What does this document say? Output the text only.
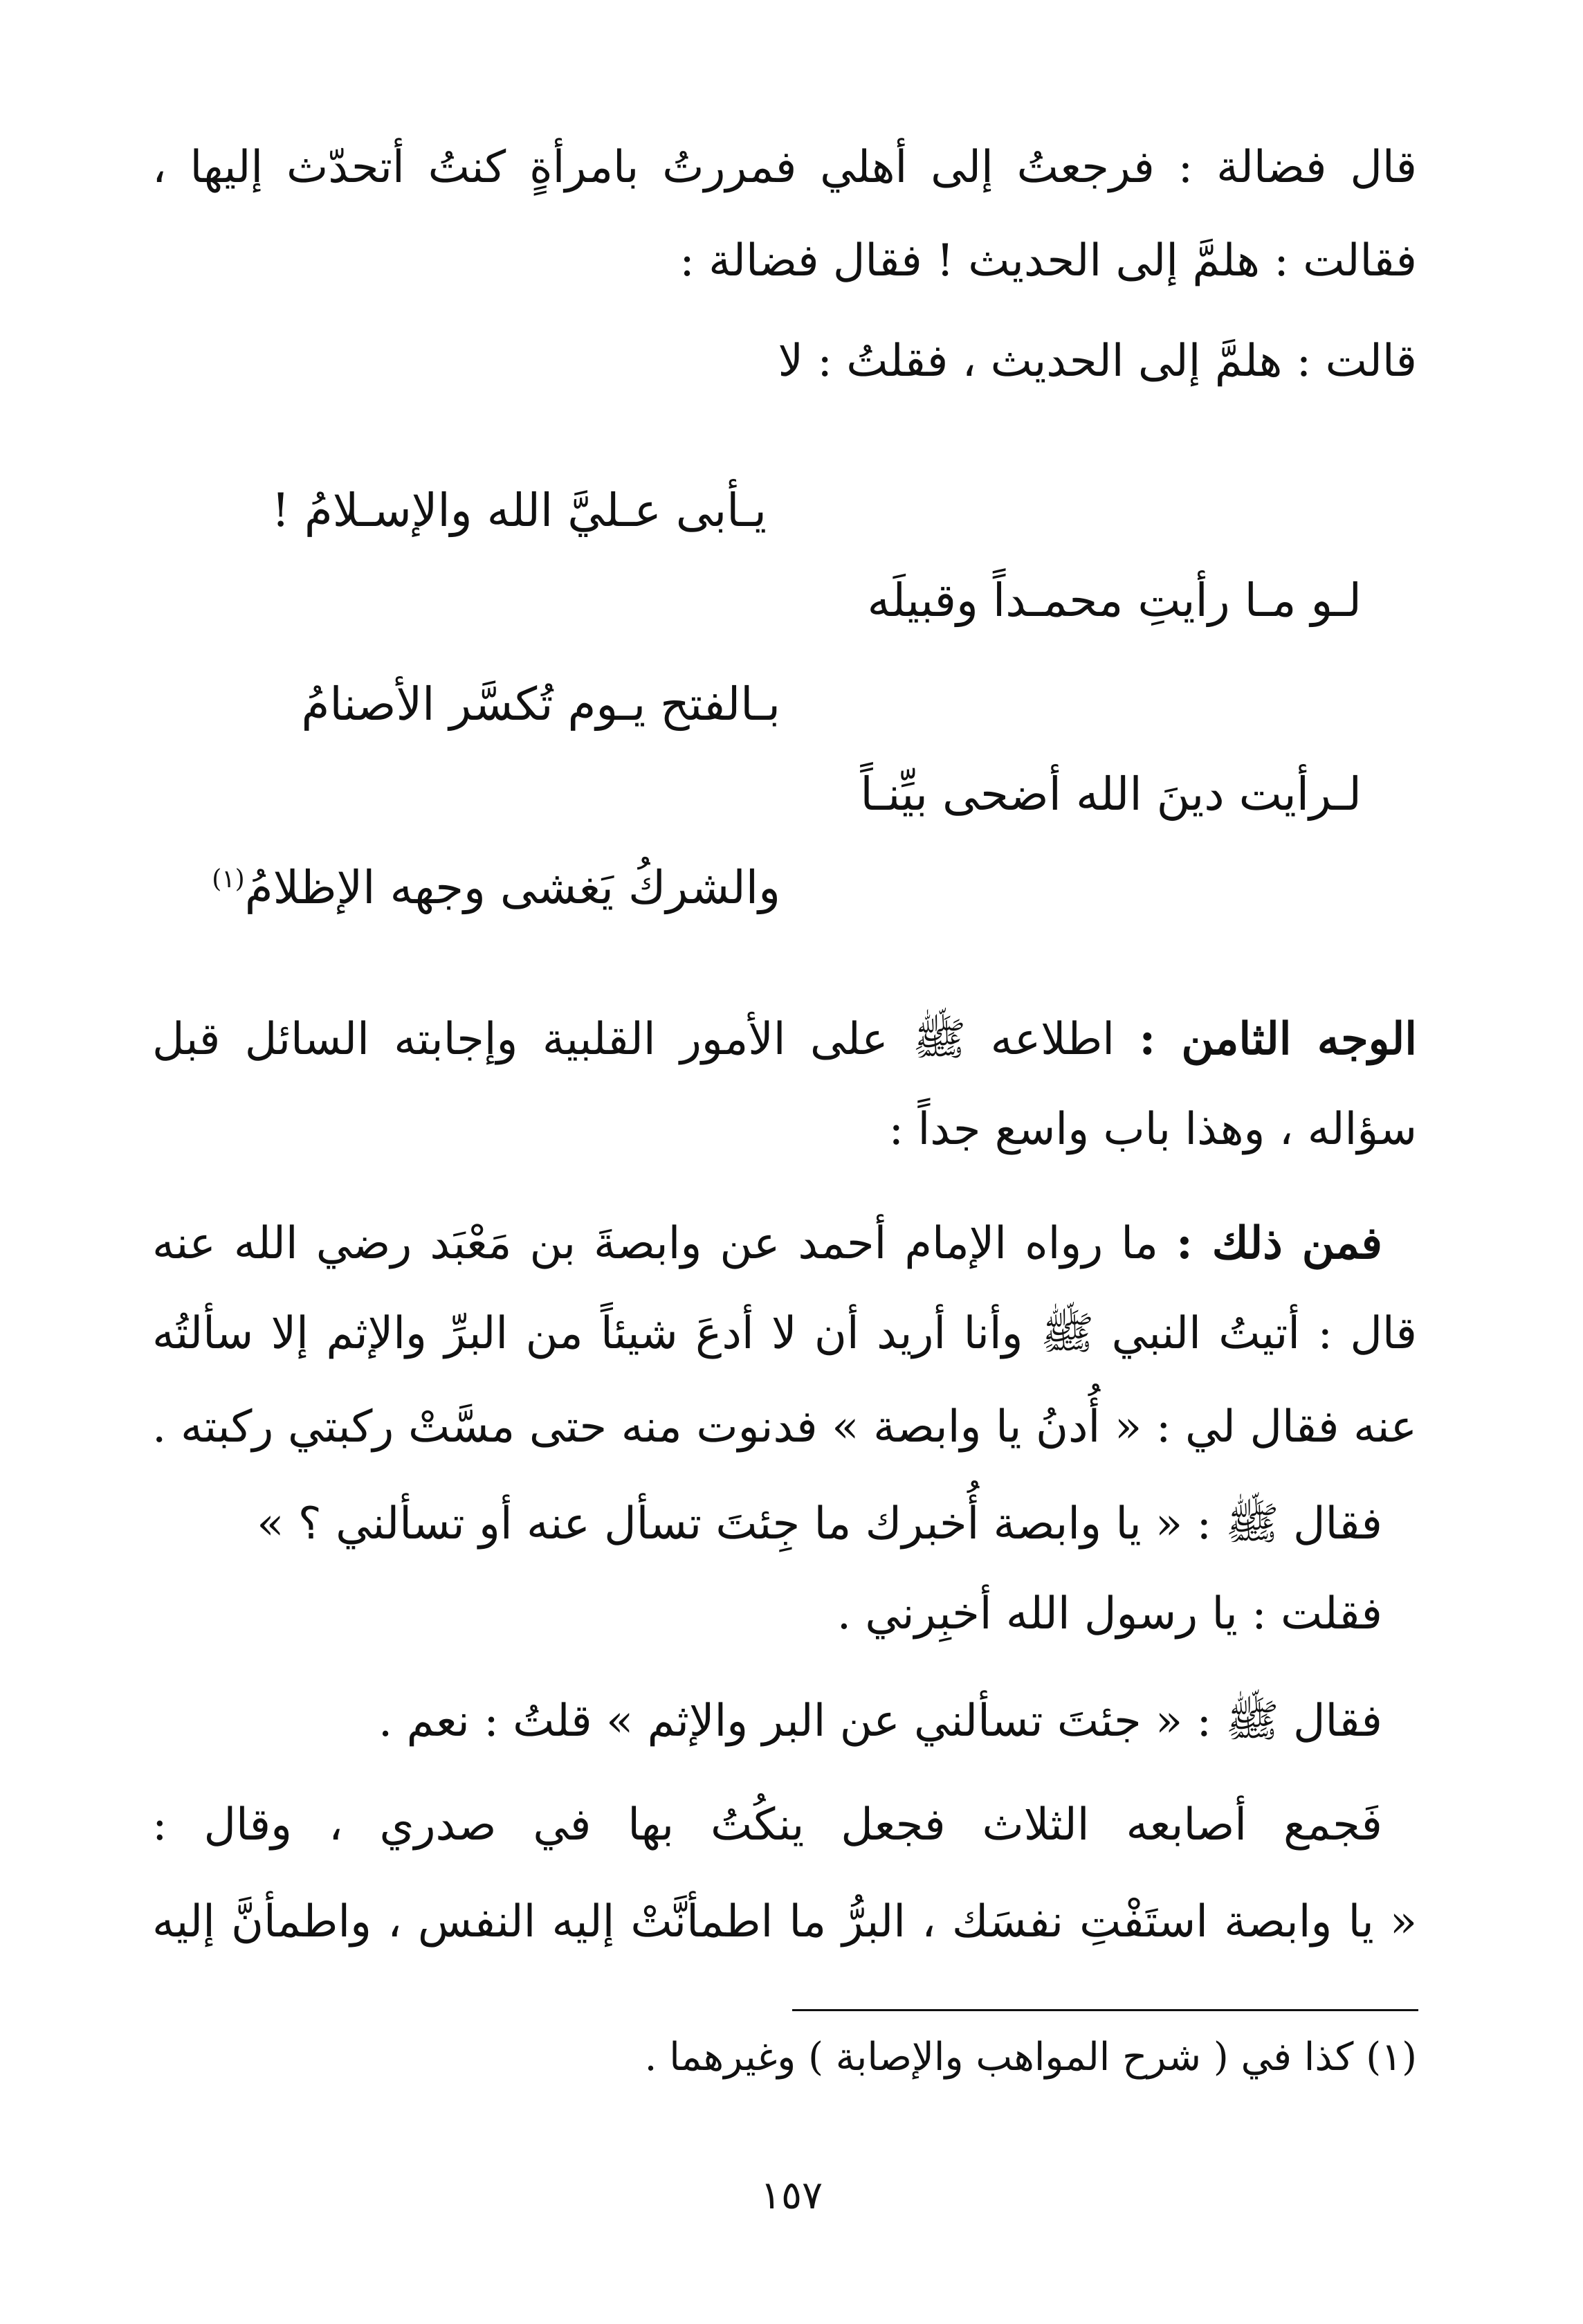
قال فضالة : فرجعتُ إلى أهلي فمررتُ بامرأةٍ كنتُ أتحدّث إليها ،
فقالت : هلمَّ إلى الحديث ! فقال فضالة :
قالت : هلمَّ إلى الحديث ، فقلتُ : لا
يـأبى عـليَّ الله والإسـلامُ !
لـو مـا رأيتِ محمـداً وقبيلَه
بـالفتح يـوم تُكسَّر الأصنامُ
لـرأيت دينَ الله أضحى بيِّنـاً
والشركُ يَغشى وجهه الإظلامُ$^{(١)}$
الوجه الثامن : اطلاعه ﷺ على الأمور القلبية وإجابته السائل قبل
سؤاله ، وهذا باب واسع جداً :
فمن ذلك : ما رواه الإمام أحمد عن وابصةَ بن مَعْبَد رضي الله عنه
قال : أتيتُ النبي ﷺ وأنا أريد أن لا أدعَ شيئاً من البرِّ والإثم إلا سألتُه
عنه فقال لي : « أُدنُ يا وابصة » فدنوت منه حتى مسَّتْ ركبتي ركبته .
فقال ﷺ : « يا وابصة أُخبرك ما جِئتَ تسأل عنه أو تسألني ؟ »
فقلت : يا رسول الله أخبِرني .
فقال ﷺ : « جئتَ تسألني عن البر والإثم » قلتُ : نعم .
فَجمع أصابعه الثلاث فجعل ينكُتُ بها في صدري ، وقال :
« يا وابصة استَفْتِ نفسَك ، البرُّ ما اطمأنَّتْ إليه النفس ، واطمأنَّ إليه
(١) كذا في ( شرح المواهب والإصابة ) وغيرهما .
١٥٧
